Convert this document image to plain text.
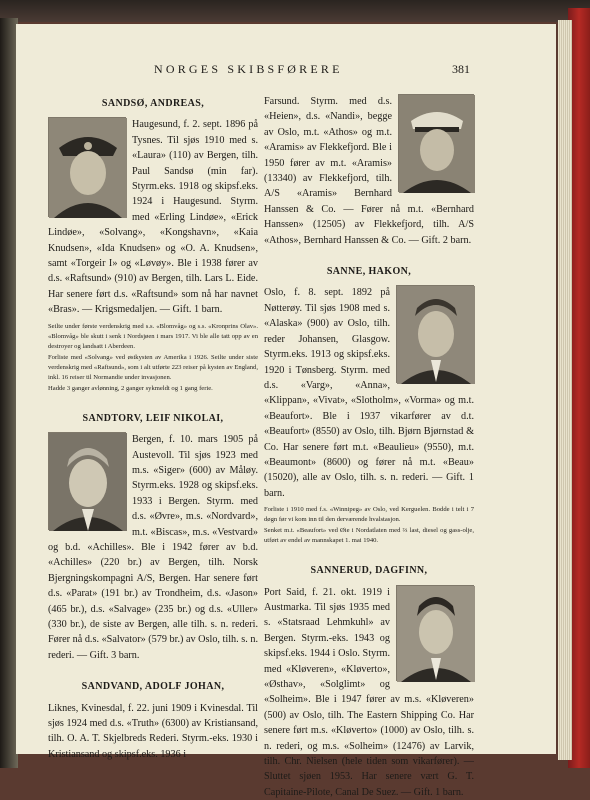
NORGES SKIBSFØRERE	381
SANDSØ, ANDREAS,
Haugesund, f. 2. sept. 1896 på Tysnes. Til sjøs 1910 med s. «Laura» (110) av Bergen, tilh. Paul Sandsø (min far). Styrm.eks. 1918 og skipsf.eks. 1924 i Haugesund. Styrm. med «Erling Lindøe», «Erick Lindøe», «Solvang», «Kongshavn», «Kaia Knudsen», «Ida Knudsen» og «O. A. Knudsen», samt «Torgeir I» og «Løvøy». Ble i 1938 fører av d.s. «Raftsund» (910) av Bergen, tilh. Lars L. Eide. Har senere ført d.s. «Raftsund» som nå har navnet «Bras». — Krigsmedaljen. — Gift. 1 barn.

Seilte under første verdenskrig med s.s. «Blomvåg» og s.s. «Kronprins Olav». «Blomvåg» ble skutt i senk i Nordsjøen i mars 1917. Vi ble alle tatt opp av en destroyer og landsatt i Aberdeen.

Forliste med «Solvang» ved østkysten av Amerika i 1926. Seilte under siste verdenskrig med «Raftsund», som i alt utførte 223 reiser på kysten av England, inkl. 16 reiser til Normandie under invasjonen.

Hadde 3 ganger avlønning, 2 ganger sykmeldt og 1 gang ferie.

SANDTORV, LEIF NIKOLAI,
Bergen, f. 10. mars 1905 på Austevoll. Til sjøs 1923 med m.s. «Siger» (600) av Måløy. Styrm.eks. 1928 og skipsf.eks. 1933 i Bergen. Styrm. med d.s. «Øvre», m.s. «Nordvard», m.t. «Biscas», m.s. «Vestvard» og b.d. «Achilles». Ble i 1942 fører av b.d. «Achilles» (220 br.) av Bergen, tilh. Norsk Bjergningskompagni A/S, Bergen. Har senere ført d.s. «Parat» (191 br.) av Trondheim, d.s. «Jason» (465 br.), d.s. «Salvage» (235 br.) og d.s. «Uller» (330 br.), de siste av Bergen, alle tilh. s. n. rederi. Fører nå d.s. «Salvator» (579 br.) av Oslo, tilh. s. n. rederi. — Gift. 3 barn.
SANDVAND, ADOLF JOHAN,
Liknes, Kvinesdal, f. 22. juni 1909 i Kvinesdal. Til sjøs 1924 med d.s. «Truth» (6300) av Kristiansand, tilh. O. A. T. Skjelbreds Rederi. Styrm.-eks. 1930 i Kristiansand og skipsf.eks. 1936 i
Farsund. Styrm. med d.s. «Heien», d.s. «Nandi», begge av Oslo, m.t. «Athos» og m.t. «Aramis» av Flekkefjord. Ble i 1950 fører av m.t. «Aramis» (13340) av Flekkefjord, tilh. A/S «Aramis» Bernhard Hanssen & Co. — Fører nå m.t. «Bernhard Hanssen» (12505) av Flekkefjord, tilh. A/S «Athos», Bernhard Hanssen & Co. — Gift. 2 barn.
SANNE, HAKON,
Oslo, f. 8. sept. 1892 på Nøtterøy. Til sjøs 1908 med s. «Alaska» (900) av Oslo, tilh. reder Johansen, Glasgow. Styrm.eks. 1913 og skipsf.eks. 1920 i Tønsberg. Styrm. med d.s. «Varg», «Anna», «Klippan», «Vivat», «Slotholm», «Vorma» og m.t. «Beaufort». Ble i 1937 vikarfører av d.t. «Beaufort» (8550) av Oslo, tilh. Bjørn Bjørnstad & Co. Har senere ført m.t. «Beaulieu» (9550), m.t. «Beaumont» (8600) og fører nå m.t. «Beau» (15020), alle av Oslo, tilh. s. n. rederi. — Gift. 1 barn.

Forliste i 1910 med f.s. «Winnipeg» av Oslo, ved Kerguelen. Bodde i telt i 7 døgn før vi kom inn til den derværende hvalstasjon.

Senket m.t. «Beaufort» ved Øie i Nordatlaten med ⅔ last, diesel og gass-olje, utført av endel av mannskapet 1. mai 1940.

SANNERUD, DAGFINN,
Port Said, f. 21. okt. 1919 i Austmarka. Til sjøs 1935 med s. «Statsraad Lehmkuhl» av Bergen. Styrm.-eks. 1943 og skipsf.eks. 1944 i Oslo. Styrm. med «Kløveren», «Kløverto», «Østhav», «Solglimt» og «Solheim». Ble i 1947 fører av m.s. «Kløveren» (500) av Oslo, tilh. The Eastern Shipping Co. Har senere ført m.s. «Kløverto» (1000) av Oslo, tilh. s. n. rederi, og m.s. «Solheim» (12476) av Larvik, tilh. Chr. Nielsen (hele tiden som vikarfører). — Sluttet sjøen 1953. Har senere vært G. T. Capitaine-Pilote, Canal De Suez. — Gift. 1 barn.
